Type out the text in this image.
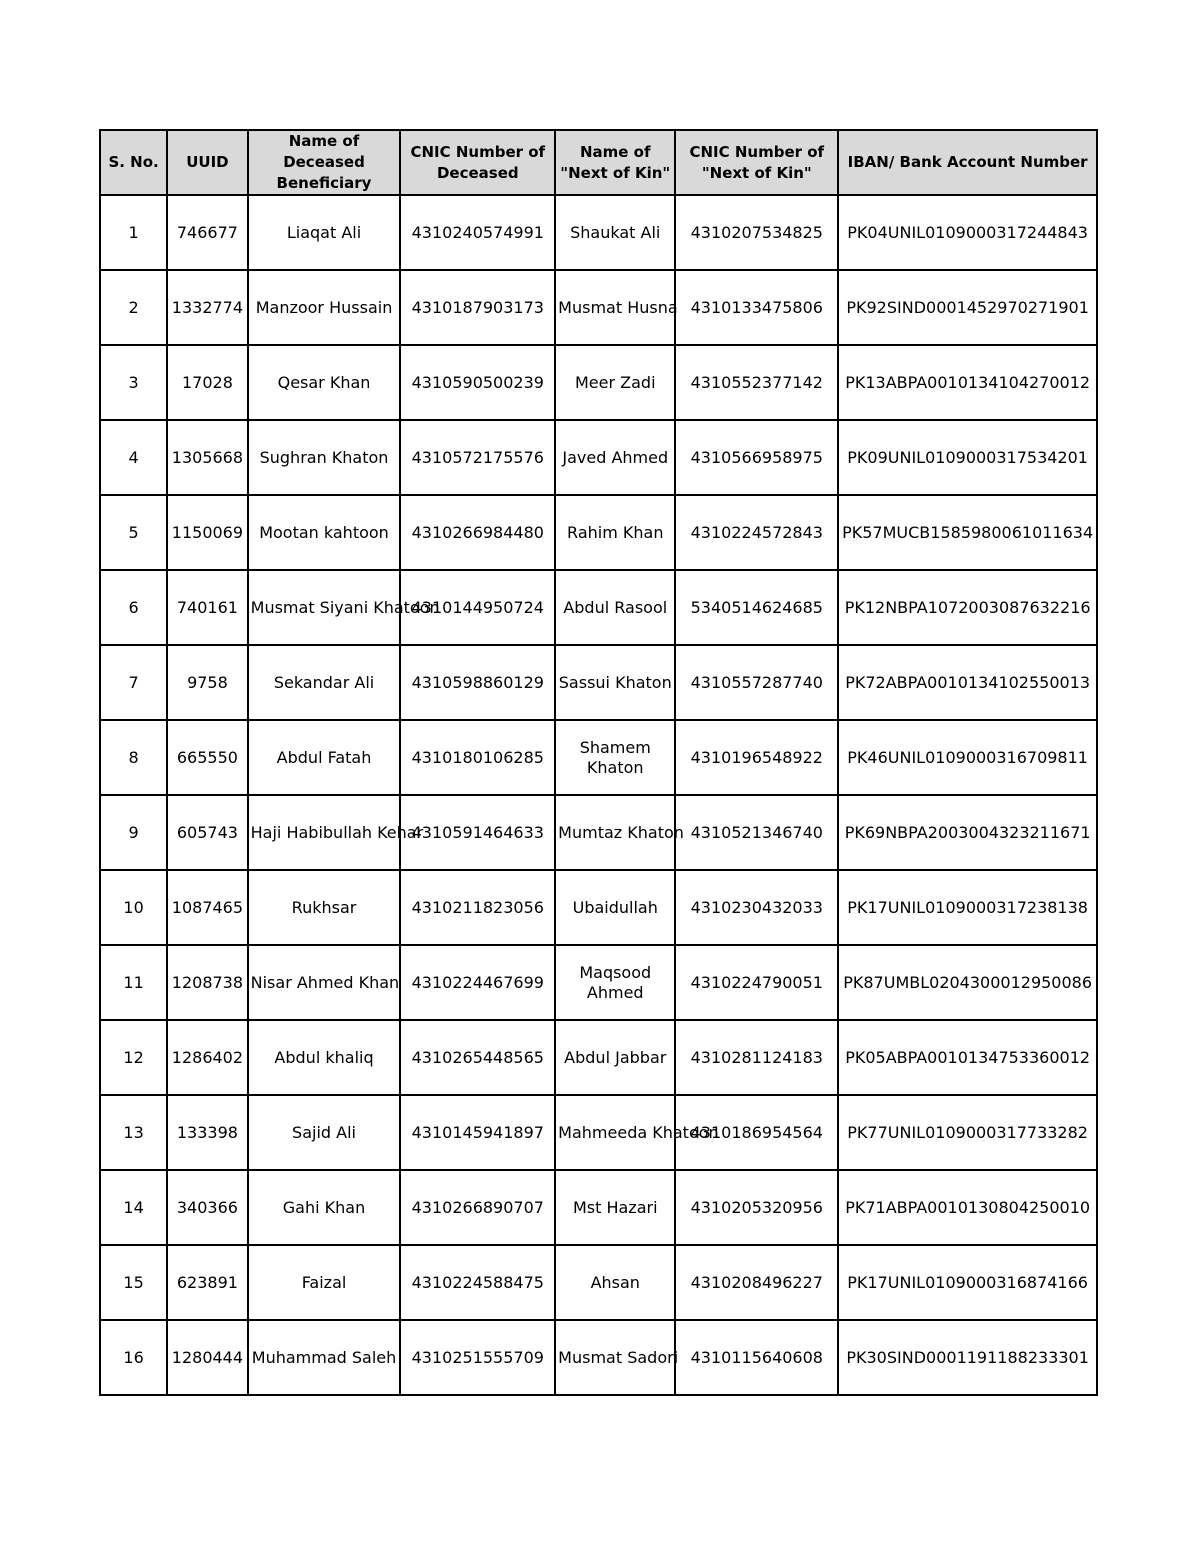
S. No.	UUID	Name of Deceased Beneficiary	CNIC Number of Deceased	Name of "Next of Kin"	CNIC Number of "Next of Kin"	IBAN/ Bank Account Number
1	746677	Liaqat Ali	4310240574991	Shaukat Ali	4310207534825	PK04UNIL0109000317244843
2	1332774	Manzoor Hussain	4310187903173	Musmat Husna	4310133475806	PK92SIND0001452970271901
3	17028	Qesar Khan	4310590500239	Meer Zadi	4310552377142	PK13ABPA0010134104270012
4	1305668	Sughran Khaton	4310572175576	Javed Ahmed	4310566958975	PK09UNIL0109000317534201
5	1150069	Mootan kahtoon	4310266984480	Rahim Khan	4310224572843	PK57MUCB1585980061011634
6	740161	Musmat Siyani Khatoon	4310144950724	Abdul Rasool	5340514624685	PK12NBPA1072003087632216
7	9758	Sekandar Ali	4310598860129	Sassui Khaton	4310557287740	PK72ABPA0010134102550013
8	665550	Abdul Fatah	4310180106285	Shamem Khaton	4310196548922	PK46UNIL0109000316709811
9	605743	Haji Habibullah Kehar	4310591464633	Mumtaz Khaton	4310521346740	PK69NBPA2003004323211671
10	1087465	Rukhsar	4310211823056	Ubaidullah	4310230432033	PK17UNIL0109000317238138
11	1208738	Nisar Ahmed Khan	4310224467699	Maqsood Ahmed	4310224790051	PK87UMBL0204300012950086
12	1286402	Abdul khaliq	4310265448565	Abdul Jabbar	4310281124183	PK05ABPA0010134753360012
13	133398	Sajid Ali	4310145941897	Mahmeeda Khatoon	4310186954564	PK77UNIL0109000317733282
14	340366	Gahi Khan	4310266890707	Mst Hazari	4310205320956	PK71ABPA0010130804250010
15	623891	Faizal	4310224588475	Ahsan	4310208496227	PK17UNIL0109000316874166
16	1280444	Muhammad Saleh	4310251555709	Musmat Sadori	4310115640608	PK30SIND0001191188233301
